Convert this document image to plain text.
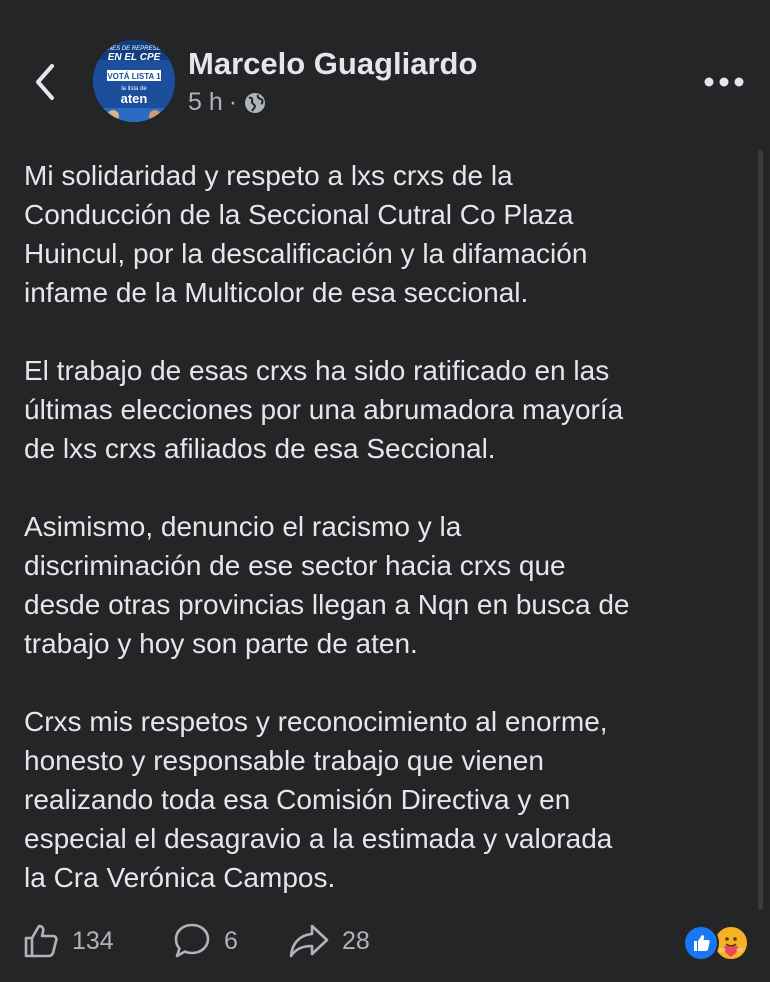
ONES DE REPRESEN
EN EL CPE
VOTÁ LISTA 1
la lista de
aten
Marcelo Guagliardo
5 h ·

Mi solidaridad y respeto a lxs crxs de la
Conducción de la Seccional Cutral Co Plaza
Huincul, por la descalificación y la difamación
infame de la Multicolor de esa seccional.

El trabajo de esas crxs ha sido ratificado en las
últimas elecciones por una abrumadora mayoría
de lxs crxs afiliados de esa Seccional.

Asimismo, denuncio el racismo y la
discriminación de ese sector hacia crxs que
desde otras provincias llegan a Nqn en busca de
trabajo y hoy son parte de aten.

Crxs mis respetos y reconocimiento al enorme,
honesto y responsable trabajo que vienen
realizando toda esa Comisión Directiva y en
especial el desagravio a la estimada y valorada
la Cra Verónica Campos.

134	6	28
